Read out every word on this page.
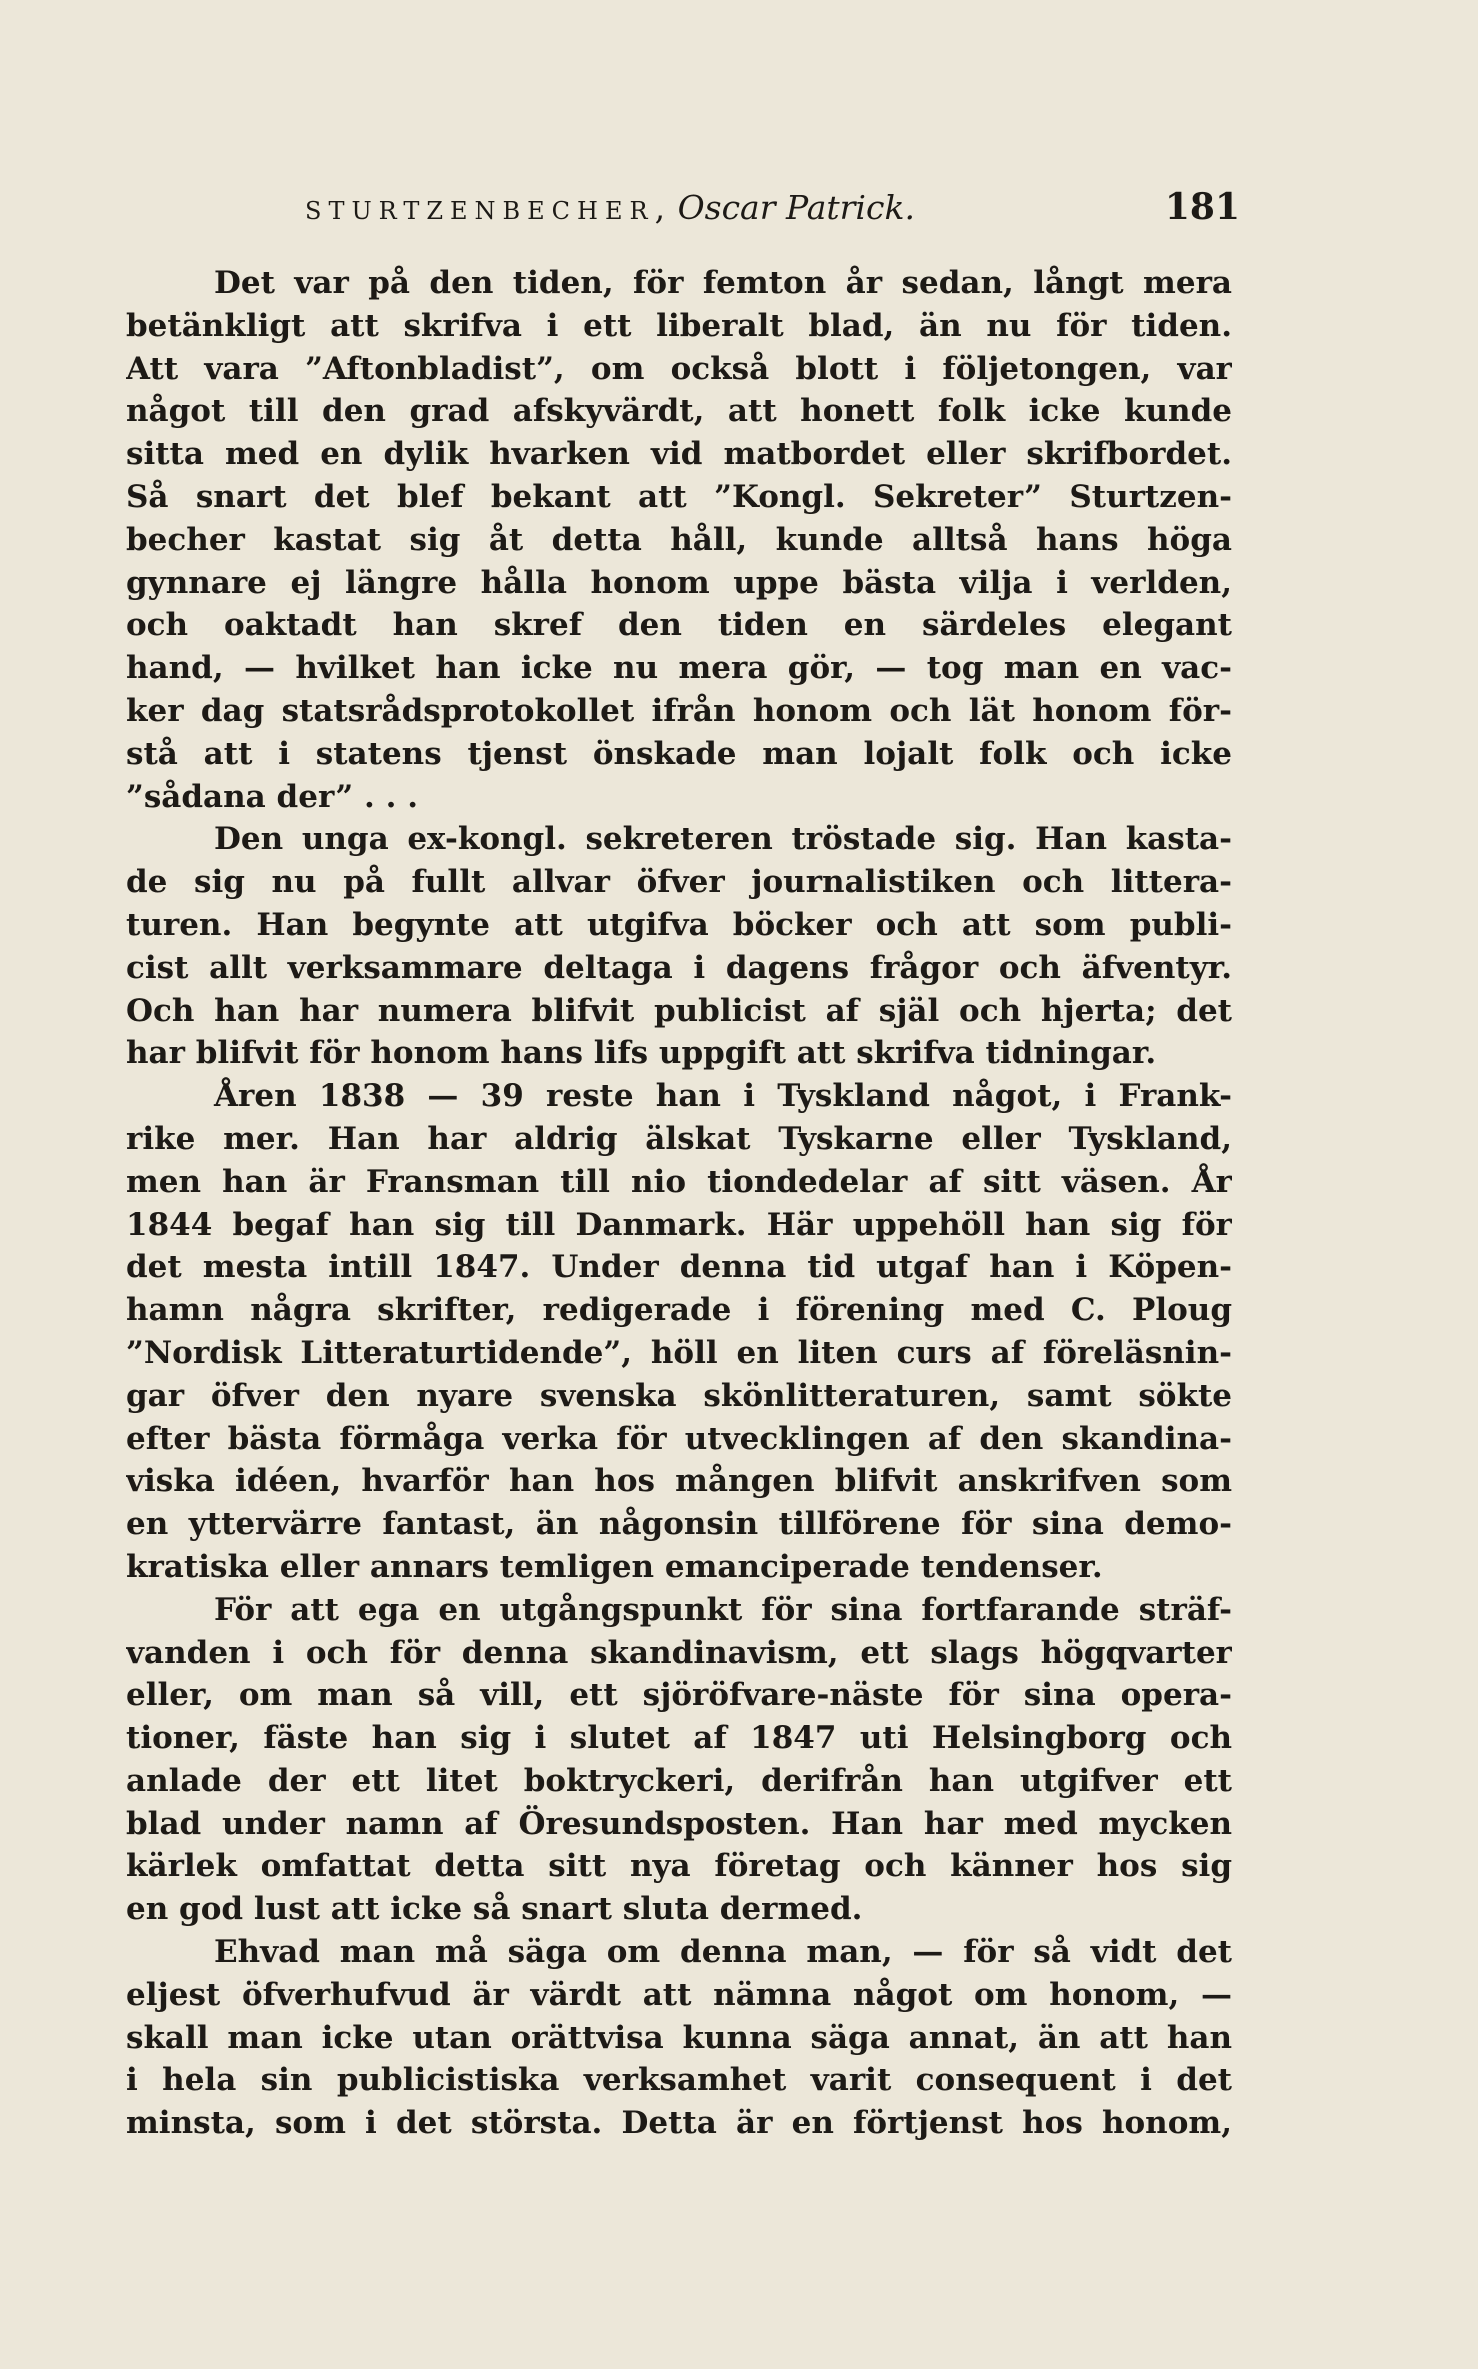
STURTZENBECHER, Oscar Patrick.	181
Det var på den tiden, för femton år sedan, långt mera
betänkligt att skrifva i ett liberalt blad, än nu för tiden.
Att vara ”Aftonbladist”, om också blott i följetongen, var
något till den grad afskyvärdt, att honett folk icke kunde
sitta med en dylik hvarken vid matbordet eller skrifbordet.
Så snart det blef bekant att ”Kongl. Sekreter” Sturtzen-
becher kastat sig åt detta håll, kunde alltså hans höga
gynnare ej längre hålla honom uppe bästa vilja i verlden,
och oaktadt han skref den tiden en särdeles elegant
hand, — hvilket han icke nu mera gör, — tog man en vac-
ker dag statsrådsprotokollet ifrån honom och lät honom för-
stå att i statens tjenst önskade man lojalt folk och icke
”sådana der” . . .
Den unga ex-kongl. sekreteren tröstade sig. Han kasta-
de sig nu på fullt allvar öfver journalistiken och littera-
turen. Han begynte att utgifva böcker och att som publi-
cist allt verksammare deltaga i dagens frågor och äfventyr.
Och han har numera blifvit publicist af själ och hjerta; det
har blifvit för honom hans lifs uppgift att skrifva tidningar.
Åren 1838 — 39 reste han i Tyskland något, i Frank-
rike mer. Han har aldrig älskat Tyskarne eller Tyskland,
men han är Fransman till nio tiondedelar af sitt väsen. År
1844 begaf han sig till Danmark. Här uppehöll han sig för
det mesta intill 1847. Under denna tid utgaf han i Köpen-
hamn några skrifter, redigerade i förening med C. Ploug
”Nordisk Litteraturtidende”, höll en liten curs af föreläsnin-
gar öfver den nyare svenska skönlitteraturen, samt sökte
efter bästa förmåga verka för utvecklingen af den skandina-
viska idéen, hvarför han hos mången blifvit anskrifven som
en yttervärre fantast, än någonsin tillförene för sina demo-
kratiska eller annars temligen emanciperade tendenser.
För att ega en utgångspunkt för sina fortfarande sträf-
vanden i och för denna skandinavism, ett slags högqvarter
eller, om man så vill, ett sjöröfvare-näste för sina opera-
tioner, fäste han sig i slutet af 1847 uti Helsingborg och
anlade der ett litet boktryckeri, derifrån han utgifver ett
blad under namn af Öresundsposten. Han har med mycken
kärlek omfattat detta sitt nya företag och känner hos sig
en god lust att icke så snart sluta dermed.
Ehvad man må säga om denna man, — för så vidt det
eljest öfverhufvud är värdt att nämna något om honom, —
skall man icke utan orättvisa kunna säga annat, än att han
i hela sin publicistiska verksamhet varit consequent i det
minsta, som i det största. Detta är en förtjenst hos honom,
